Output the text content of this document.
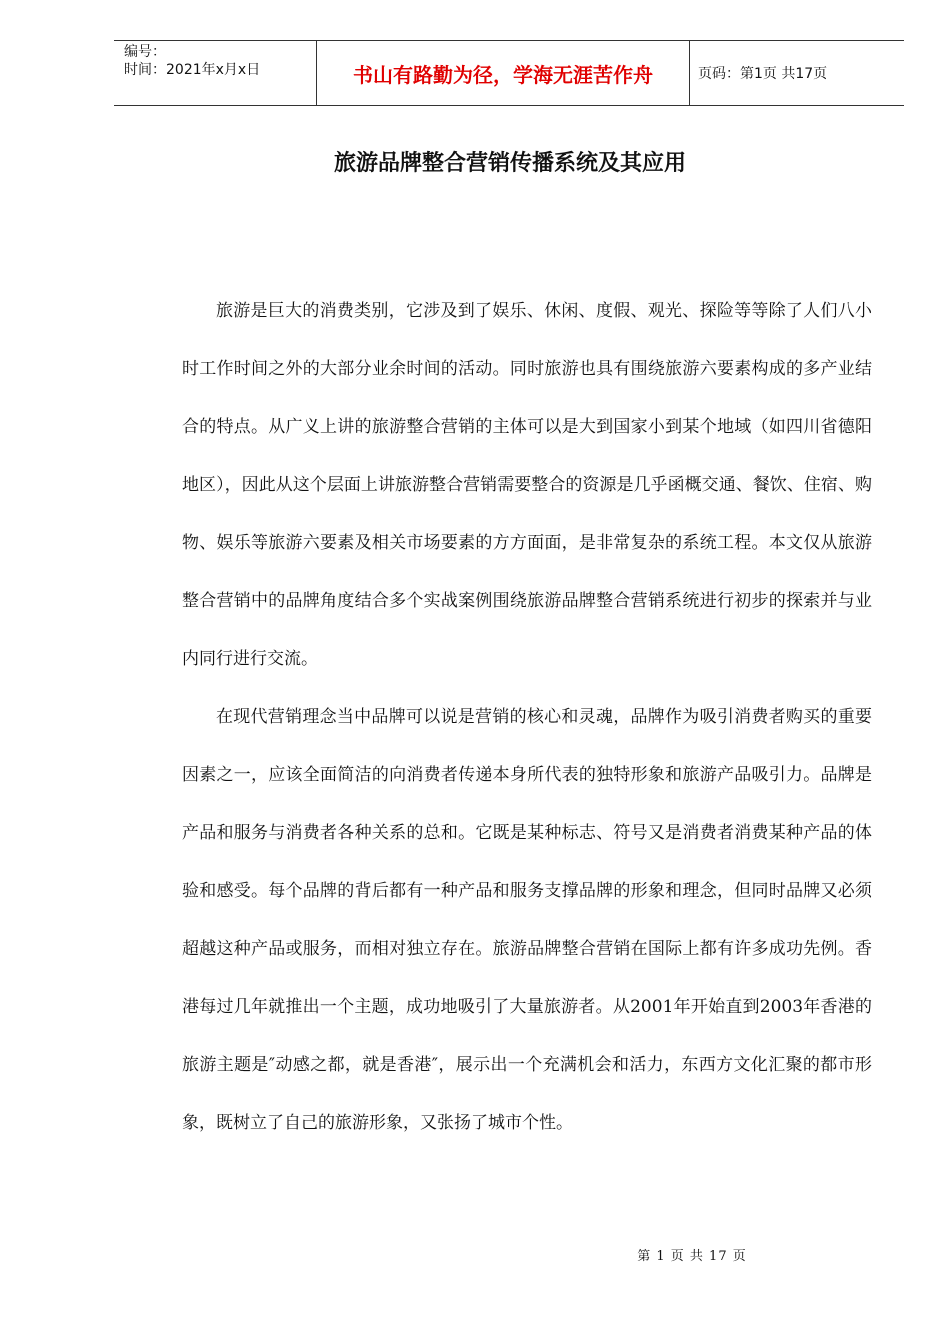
编号：
时间：2021年x月x日	书山有路勤为径，学海无涯苦作舟	页码：第1页 共17页
旅游品牌整合营销传播系统及其应用

旅游是巨大的消费类别，它涉及到了娱乐、休闲、度假、观光、探险等等除了人们八小时工作时间之外的大部分业余时间的活动。同时旅游也具有围绕旅游六要素构成的多产业结合的特点。从广义上讲的旅游整合营销的主体可以是大到国家小到某个地域（如四川省德阳地区），因此从这个层面上讲旅游整合营销需要整合的资源是几乎函概交通、餐饮、住宿、购物、娱乐等旅游六要素及相关市场要素的方方面面，是非常复杂的系统工程。本文仅从旅游整合营销中的品牌角度结合多个实战案例围绕旅游品牌整合营销系统进行初步的探索并与业内同行进行交流。

在现代营销理念当中品牌可以说是营销的核心和灵魂，品牌作为吸引消费者购买的重要因素之一，应该全面简洁的向消费者传递本身所代表的独特形象和旅游产品吸引力。品牌是产品和服务与消费者各种关系的总和。它既是某种标志、符号又是消费者消费某种产品的体验和感受。每个品牌的背后都有一种产品和服务支撑品牌的形象和理念，但同时品牌又必须超越这种产品或服务，而相对独立存在。旅游品牌整合营销在国际上都有许多成功先例。香港每过几年就推出一个主题，成功地吸引了大量旅游者。从2001年开始直到2003年香港的旅游主题是″动感之都，就是香港″，展示出一个充满机会和活力，东西方文化汇聚的都市形象，既树立了自己的旅游形象，又张扬了城市个性。

第 1 页 共 17 页
